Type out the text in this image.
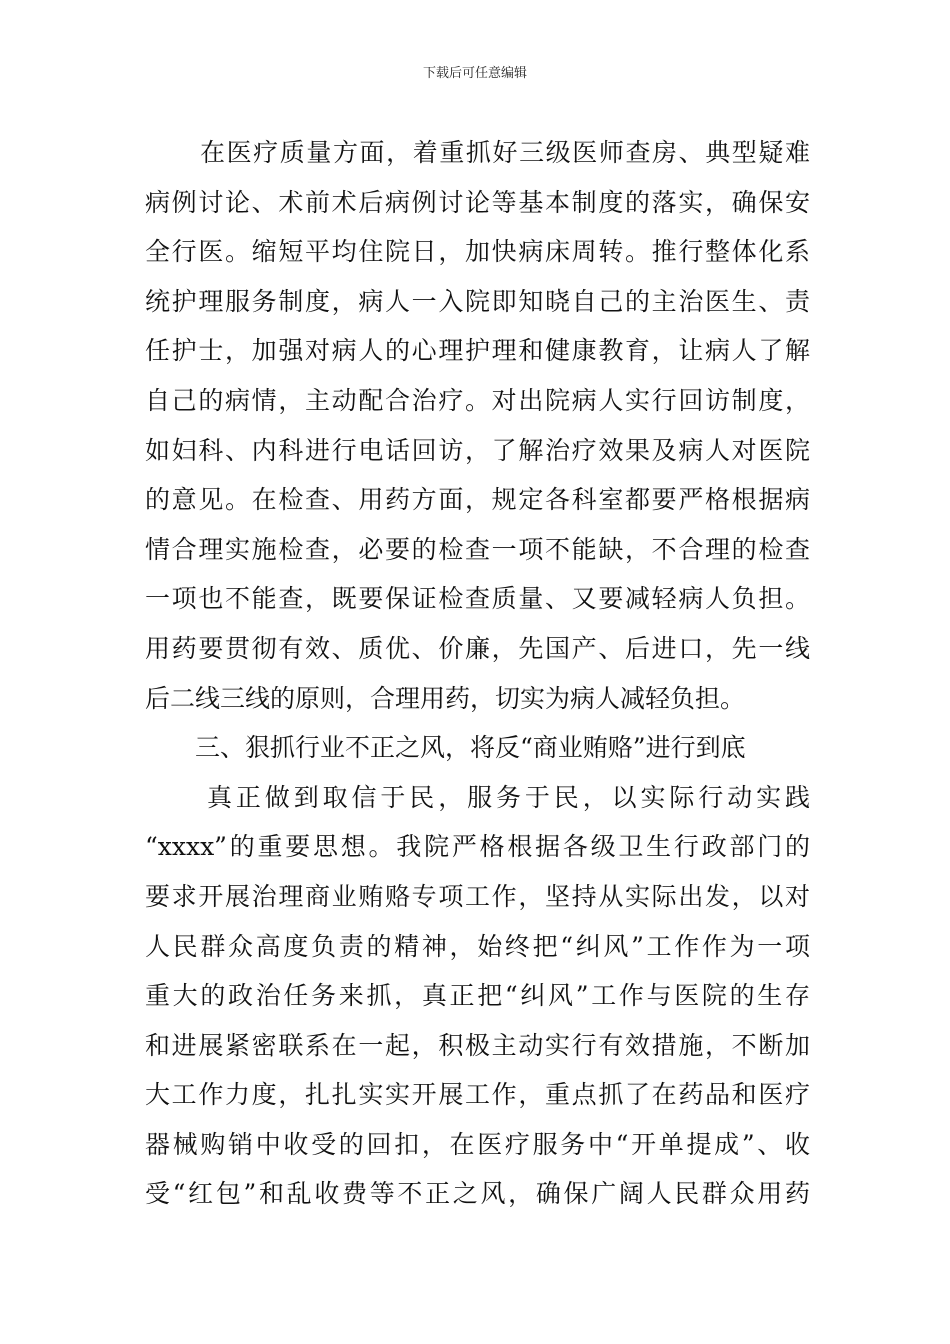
下载后可任意编辑
在医疗质量方面，着重抓好三级医师查房、典型疑难
病例讨论、术前术后病例讨论等基本制度的落实，确保安
全行医。缩短平均住院日，加快病床周转。推行整体化系
统护理服务制度，病人一入院即知晓自己的主治医生、责
任护士，加强对病人的心理护理和健康教育，让病人了解
自己的病情，主动配合治疗。对出院病人实行回访制度，
如妇科、内科进行电话回访，了解治疗效果及病人对医院
的意见。在检查、用药方面，规定各科室都要严格根据病
情合理实施检查，必要的检查一项不能缺，不合理的检查
一项也不能查，既要保证检查质量、又要减轻病人负担。
用药要贯彻有效、质优、价廉，先国产、后进口，先一线
后二线三线的原则，合理用药，切实为病人减轻负担。
三、狠抓行业不正之风，将反“商业贿赂”进行到底
真正做到取信于民，服务于民，以实际行动实践
“xxxx”的重要思想。我院严格根据各级卫生行政部门的
要求开展治理商业贿赂专项工作，坚持从实际出发，以对
人民群众高度负责的精神，始终把“纠风”工作作为一项
重大的政治任务来抓，真正把“纠风”工作与医院的生存
和进展紧密联系在一起，积极主动实行有效措施，不断加
大工作力度，扎扎实实开展工作，重点抓了在药品和医疗
器械购销中收受的回扣，在医疗服务中“开单提成”、收
受“红包”和乱收费等不正之风，确保广阔人民群众用药
